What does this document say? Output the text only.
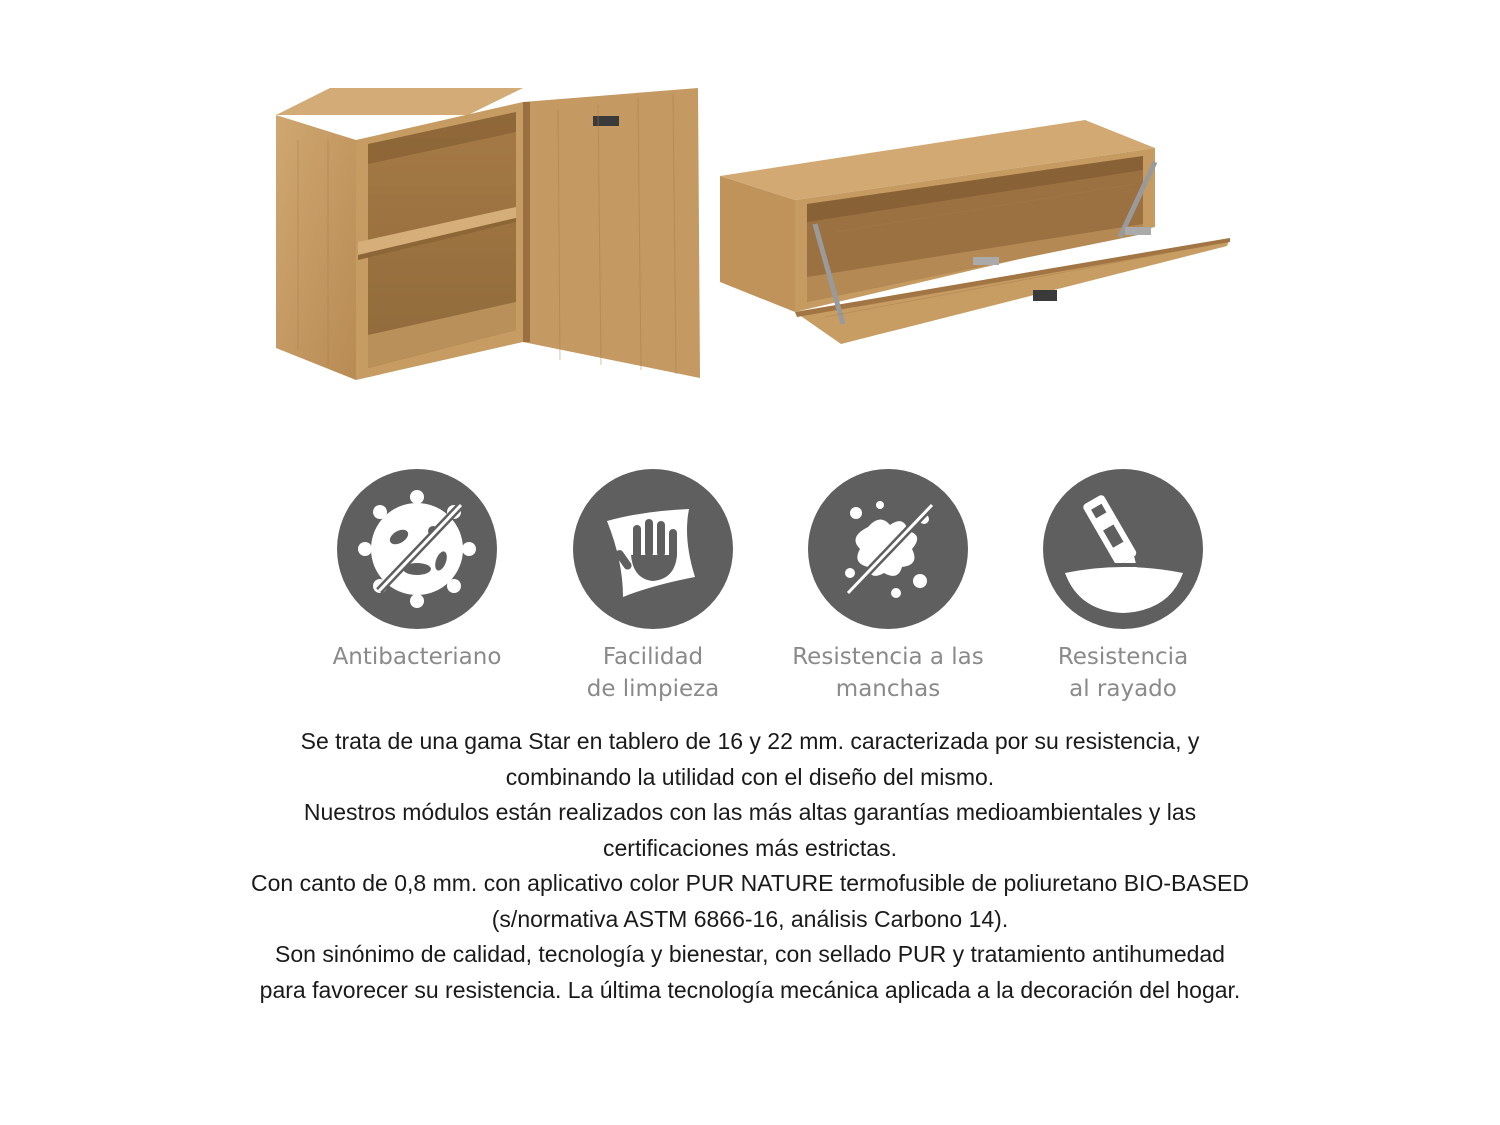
Antibacteriano	Facilidad
de limpieza
Resistencia a las
manchas
Resistencia
al rayado

Se trata de una gama Star en tablero de 16 y 22 mm. caracterizada por su resistencia, y combinando la utilidad con el diseño del mismo.

Nuestros módulos están realizados con las más altas garantías medioambientales y las certificaciones más estrictas.

Con canto de 0,8 mm. con aplicativo color PUR NATURE termofusible de poliuretano BIO-BASED (s/normativa ASTM 6866-16, análisis Carbono 14).

Son sinónimo de calidad, tecnología y bienestar, con sellado PUR y tratamiento antihumedad para favorecer su resistencia. La última tecnología mecánica aplicada a la decoración del hogar.
